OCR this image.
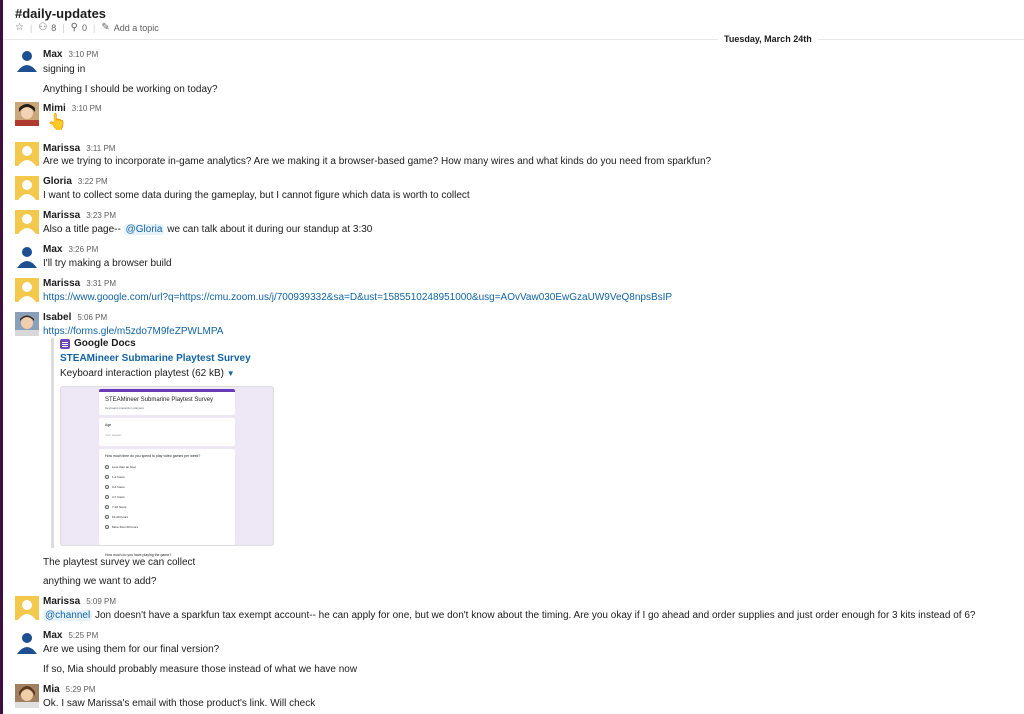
#daily-updates
☆ | ⚇ 8 | ⚲ 0 | ✎ Add a topic
Tuesday, March 24th
Max 3:10 PM
signing in
Anything I should be working on today?
Mimi 3:10 PM
👆
Marissa 3:11 PM
Are we trying to incorporate in-game analytics? Are we making it a browser-based game? How many wires and what kinds do you need from sparkfun?
Gloria 3:22 PM
I want to collect some data during the gameplay, but I cannot figure which data is worth to collect
Marissa 3:23 PM
Also a title page-- @Gloria we can talk about it during our standup at 3:30
Max 3:26 PM
I'll try making a browser build
Marissa 3:31 PM
https://www.google.com/url?q=https://cmu.zoom.us/j/700939332&sa=D&ust=1585510248951000&usg=AOvVaw030EwGzaUW9VeQ8npsBsIP
Isabel 5:06 PM
https://forms.gle/m5zdo7M9feZPWLMPA
Google Docs
STEAMineer Submarine Playtest Survey
Keyboard interaction playtest (62 kB) ▼
STEAMineer Submarine Playtest Survey
Keyboard interaction playtest
Age
Your answer
How much time do you spend to play video games per week?
Less than an hour
1-2 hours
3-4 hours
4-7 hours
7-10 hours
10-20 hours
More than 20 hours
How much do you have playing the game?
The playtest survey we can collect
anything we want to add?
Marissa 5:09 PM
@channel Jon doesn't have a sparkfun tax exempt account-- he can apply for one, but we don't know about the timing. Are you okay if I go ahead and order supplies and just order enough for 3 kits instead of 6?
Max 5:25 PM
Are we using them for our final version?
If so, Mia should probably measure those instead of what we have now
Mia 5:29 PM
Ok. I saw Marissa's email with those product's link. Will check
